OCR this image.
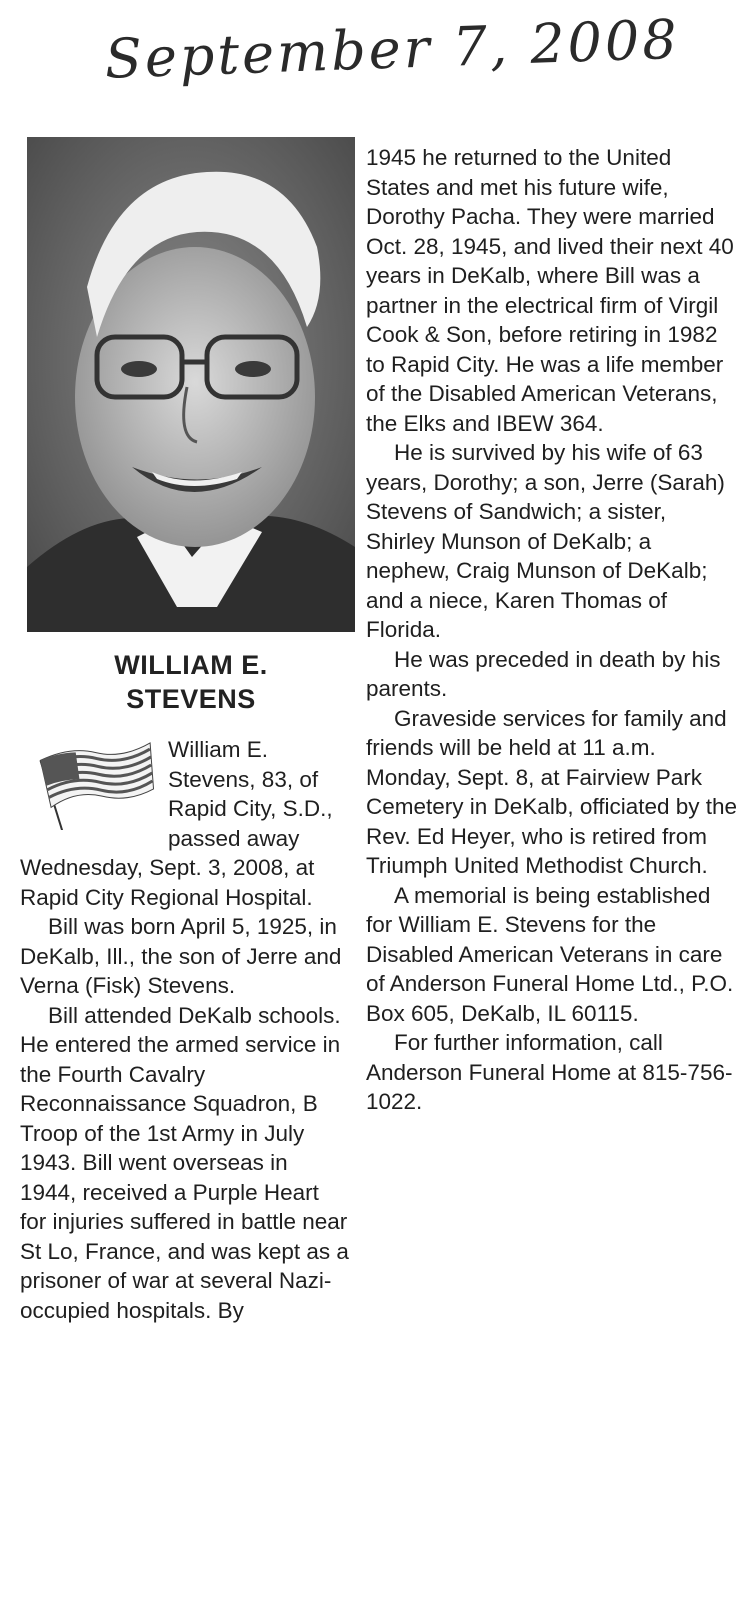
September 7, 2008
WILLIAM E.
STEVENS

William E. Stevens, 83, of Rapid City, S.D., passed away Wednesday, Sept. 3, 2008, at Rapid City Regional Hospital.

Bill was born April 5, 1925, in DeKalb, Ill., the son of Jerre and Verna (Fisk) Stevens.

Bill attended DeKalb schools. He entered the armed service in the Fourth Cavalry Reconnaissance Squadron, B Troop of the 1st Army in July 1943. Bill went overseas in 1944, received a Purple Heart for injuries suffered in battle near St Lo, France, and was kept as a prisoner of war at several Nazi-occupied hospitals. By

1945 he returned to the United States and met his future wife, Dorothy Pacha. They were married Oct. 28, 1945, and lived their next 40 years in DeKalb, where Bill was a partner in the electrical firm of Virgil Cook & Son, before retiring in 1982 to Rapid City. He was a life member of the Disabled American Veterans, the Elks and IBEW 364.

He is survived by his wife of 63 years, Dorothy; a son, Jerre (Sarah) Stevens of Sandwich; a sister, Shirley Munson of DeKalb; a nephew, Craig Munson of DeKalb; and a niece, Karen Thomas of Florida.

He was preceded in death by his parents.

Graveside services for family and friends will be held at 11 a.m. Monday, Sept. 8, at Fairview Park Cemetery in DeKalb, officiated by the Rev. Ed Heyer, who is retired from Triumph United Methodist Church.

A memorial is being established for William E. Stevens for the Disabled American Veterans in care of Anderson Funeral Home Ltd., P.O. Box 605, DeKalb, IL 60115.

For further information, call Anderson Funeral Home at 815-756-1022.
